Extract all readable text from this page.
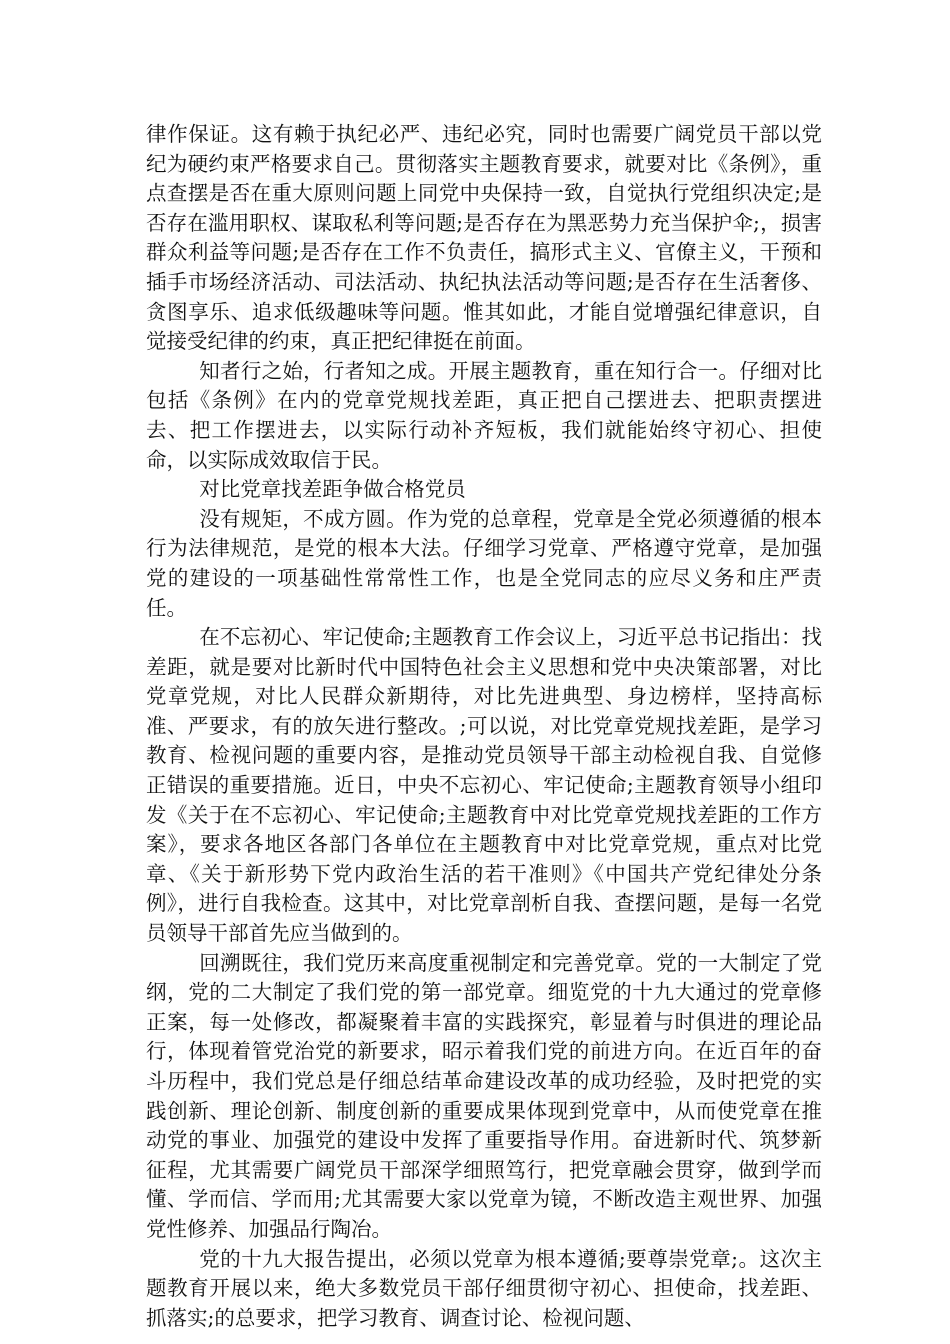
律作保证。这有赖于执纪必严、违纪必究，同时也需要广阔党员干部以党纪为硬约束严格要求自己。贯彻落实主题教育要求，就要对比《条例》，重点查摆是否在重大原则问题上同党中央保持一致，自觉执行党组织决定;是否存在滥用职权、谋取私利等问题;是否存在为黑恶势力充当保护伞;，损害群众利益等问题;是否存在工作不负责任，搞形式主义、官僚主义，干预和插手市场经济活动、司法活动、执纪执法活动等问题;是否存在生活奢侈、贪图享乐、追求低级趣味等问题。惟其如此，才能自觉增强纪律意识，自觉接受纪律的约束，真正把纪律挺在前面。

知者行之始，行者知之成。开展主题教育，重在知行合一。仔细对比包括《条例》在内的党章党规找差距，真正把自己摆进去、把职责摆进去、把工作摆进去，以实际行动补齐短板，我们就能始终守初心、担使命，以实际成效取信于民。

对比党章找差距争做合格党员

没有规矩，不成方圆。作为党的总章程，党章是全党必须遵循的根本行为法律规范，是党的根本大法。仔细学习党章、严格遵守党章，是加强党的建设的一项基础性常常性工作，也是全党同志的应尽义务和庄严责任。

在不忘初心、牢记使命;主题教育工作会议上，习近平总书记指出：找差距，就是要对比新时代中国特色社会主义思想和党中央决策部署，对比党章党规，对比人民群众新期待，对比先进典型、身边榜样，坚持高标准、严要求，有的放矢进行整改。;可以说，对比党章党规找差距，是学习教育、检视问题的重要内容，是推动党员领导干部主动检视自我、自觉修正错误的重要措施。近日，中央不忘初心、牢记使命;主题教育领导小组印发《关于在不忘初心、牢记使命;主题教育中对比党章党规找差距的工作方案》，要求各地区各部门各单位在主题教育中对比党章党规，重点对比党章、《关于新形势下党内政治生活的若干准则》《中国共产党纪律处分条例》，进行自我检查。这其中，对比党章剖析自我、查摆问题，是每一名党员领导干部首先应当做到的。

回溯既往，我们党历来高度重视制定和完善党章。党的一大制定了党纲，党的二大制定了我们党的第一部党章。细览党的十九大通过的党章修正案，每一处修改，都凝聚着丰富的实践探究，彰显着与时俱进的理论品行，体现着管党治党的新要求，昭示着我们党的前进方向。在近百年的奋斗历程中，我们党总是仔细总结革命建设改革的成功经验，及时把党的实践创新、理论创新、制度创新的重要成果体现到党章中，从而使党章在推动党的事业、加强党的建设中发挥了重要指导作用。奋进新时代、筑梦新征程，尤其需要广阔党员干部深学细照笃行，把党章融会贯穿，做到学而懂、学而信、学而用;尤其需要大家以党章为镜，不断改造主观世界、加强党性修养、加强品行陶冶。

党的十九大报告提出，必须以党章为根本遵循;要尊崇党章;。这次主题教育开展以来，绝大多数党员干部仔细贯彻守初心、担使命，找差距、抓落实;的总要求，把学习教育、调查讨论、检视问题、
